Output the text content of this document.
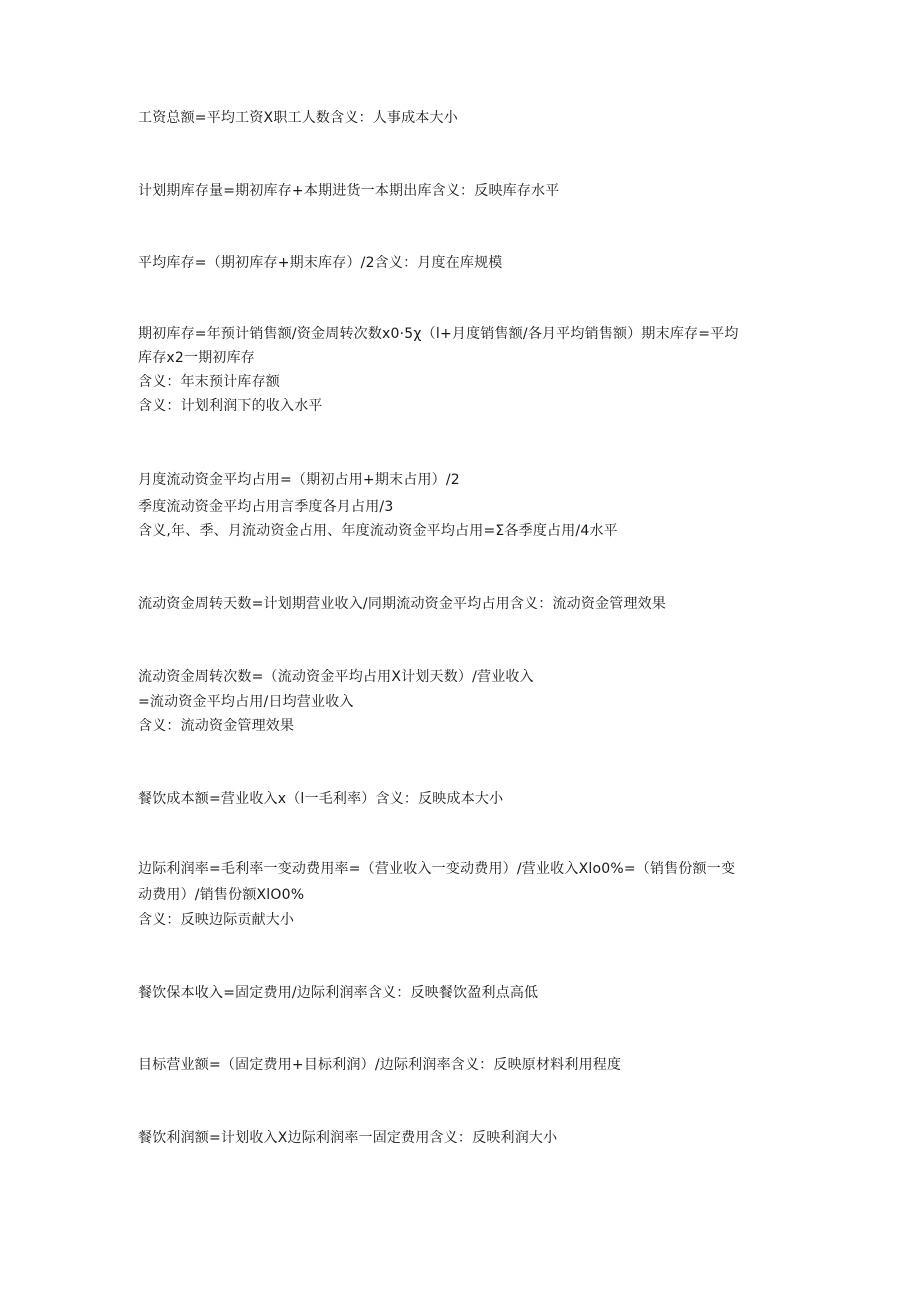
工资总额=平均工资X职工人数含义：人事成本大小
计划期库存量=期初库存+本期进货一本期出库含义：反映库存水平
平均库存=（期初库存+期末库存）/2含义：月度在库规模
期初库存=年预计销售额/资金周转次数x0·5χ（l+月度销售额/各月平均销售额）期末库存=平均
库存x2一期初库存
含义：年末预计库存额
含义：计划利润下的收入水平
月度流动资金平均占用=（期初占用+期末占用）/2
季度流动资金平均占用言季度各月占用/3
含义,年、季、月流动资金占用、年度流动资金平均占用=Σ各季度占用/4水平
流动资金周转天数=计划期营业收入/同期流动资金平均占用含义：流动资金管理效果
流动资金周转次数=（流动资金平均占用X计划天数）/营业收入
=流动资金平均占用/日均营业收入
含义：流动资金管理效果
餐饮成本额=营业收入x（l一毛利率）含义：反映成本大小
边际利润率=毛利率一变动费用率=（营业收入一变动费用）/营业收入Xlo0%=（销售份额一变
动费用）/销售份额XlO0%
含义：反映边际贡献大小
餐饮保本收入=固定费用/边际利润率含义：反映餐饮盈利点高低
目标营业额=（固定费用+目标利润）/边际利润率含义：反映原材料利用程度
餐饮利润额=计划收入X边际利润率一固定费用含义：反映利润大小
